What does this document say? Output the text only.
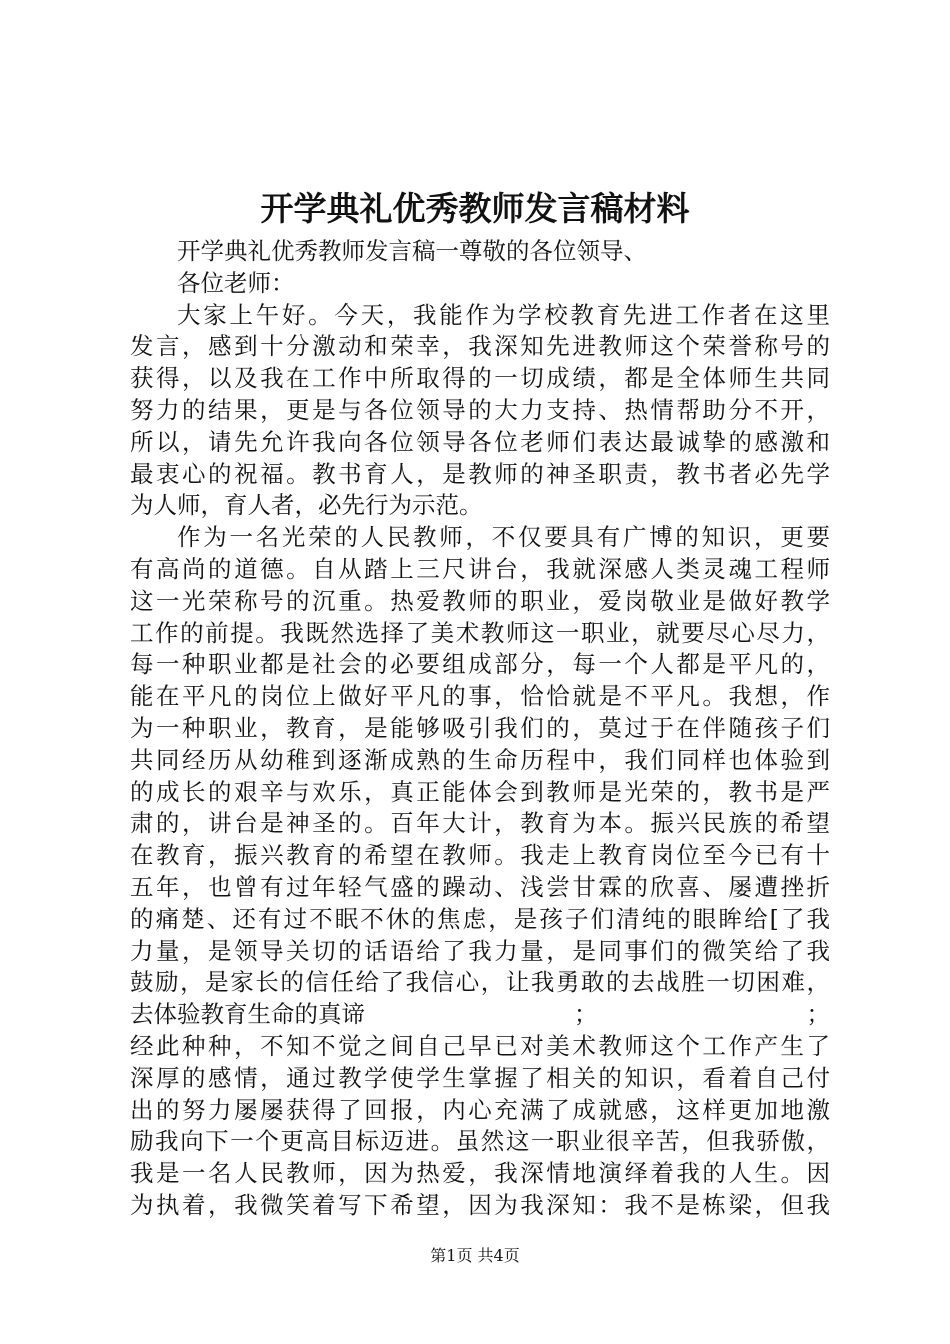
开学典礼优秀教师发言稿材料
开学典礼优秀教师发言稿一尊敬的各位领导、
各位老师：
大家上午好。今天，我能作为学校教育先进工作者在这里
发言，感到十分激动和荣幸，我深知先进教师这个荣誉称号的
获得，以及我在工作中所取得的一切成绩，都是全体师生共同
努力的结果，更是与各位领导的大力支持、热情帮助分不开，
所以，请先允许我向各位领导各位老师们表达最诚挚的感激和
最衷心的祝福。教书育人，是教师的神圣职责，教书者必先学
为人师，育人者，必先行为示范。
作为一名光荣的人民教师，不仅要具有广博的知识，更要
有高尚的道德。自从踏上三尺讲台，我就深感人类灵魂工程师
这一光荣称号的沉重。热爱教师的职业，爱岗敬业是做好教学
工作的前提。我既然选择了美术教师这一职业，就要尽心尽力，
每一种职业都是社会的必要组成部分，每一个人都是平凡的，
能在平凡的岗位上做好平凡的事，恰恰就是不平凡。我想，作
为一种职业，教育，是能够吸引我们的，莫过于在伴随孩子们
共同经历从幼稚到逐渐成熟的生命历程中，我们同样也体验到
的成长的艰辛与欢乐，真正能体会到教师是光荣的，教书是严
肃的，讲台是神圣的。百年大计，教育为本。振兴民族的希望
在教育，振兴教育的希望在教师。我走上教育岗位至今已有十
五年，也曾有过年轻气盛的躁动、浅尝甘霖的欣喜、屡遭挫折
的痛楚、还有过不眠不休的焦虑，是孩子们清纯的眼眸给[了我
力量，是领导关切的话语给了我力量，是同事们的微笑给了我
鼓励，是家长的信任给了我信心，让我勇敢的去战胜一切困难，
去体验教育生命的真谛	；	；
经此种种，不知不觉之间自己早已对美术教师这个工作产生了
深厚的感情，通过教学使学生掌握了相关的知识，看着自己付
出的努力屡屡获得了回报，内心充满了成就感，这样更加地激
励我向下一个更高目标迈进。虽然这一职业很辛苦，但我骄傲，
我是一名人民教师，因为热爱，我深情地演绎着我的人生。因
为执着，我微笑着写下希望，因为我深知：我不是栋梁，但我
第1页 共4页
